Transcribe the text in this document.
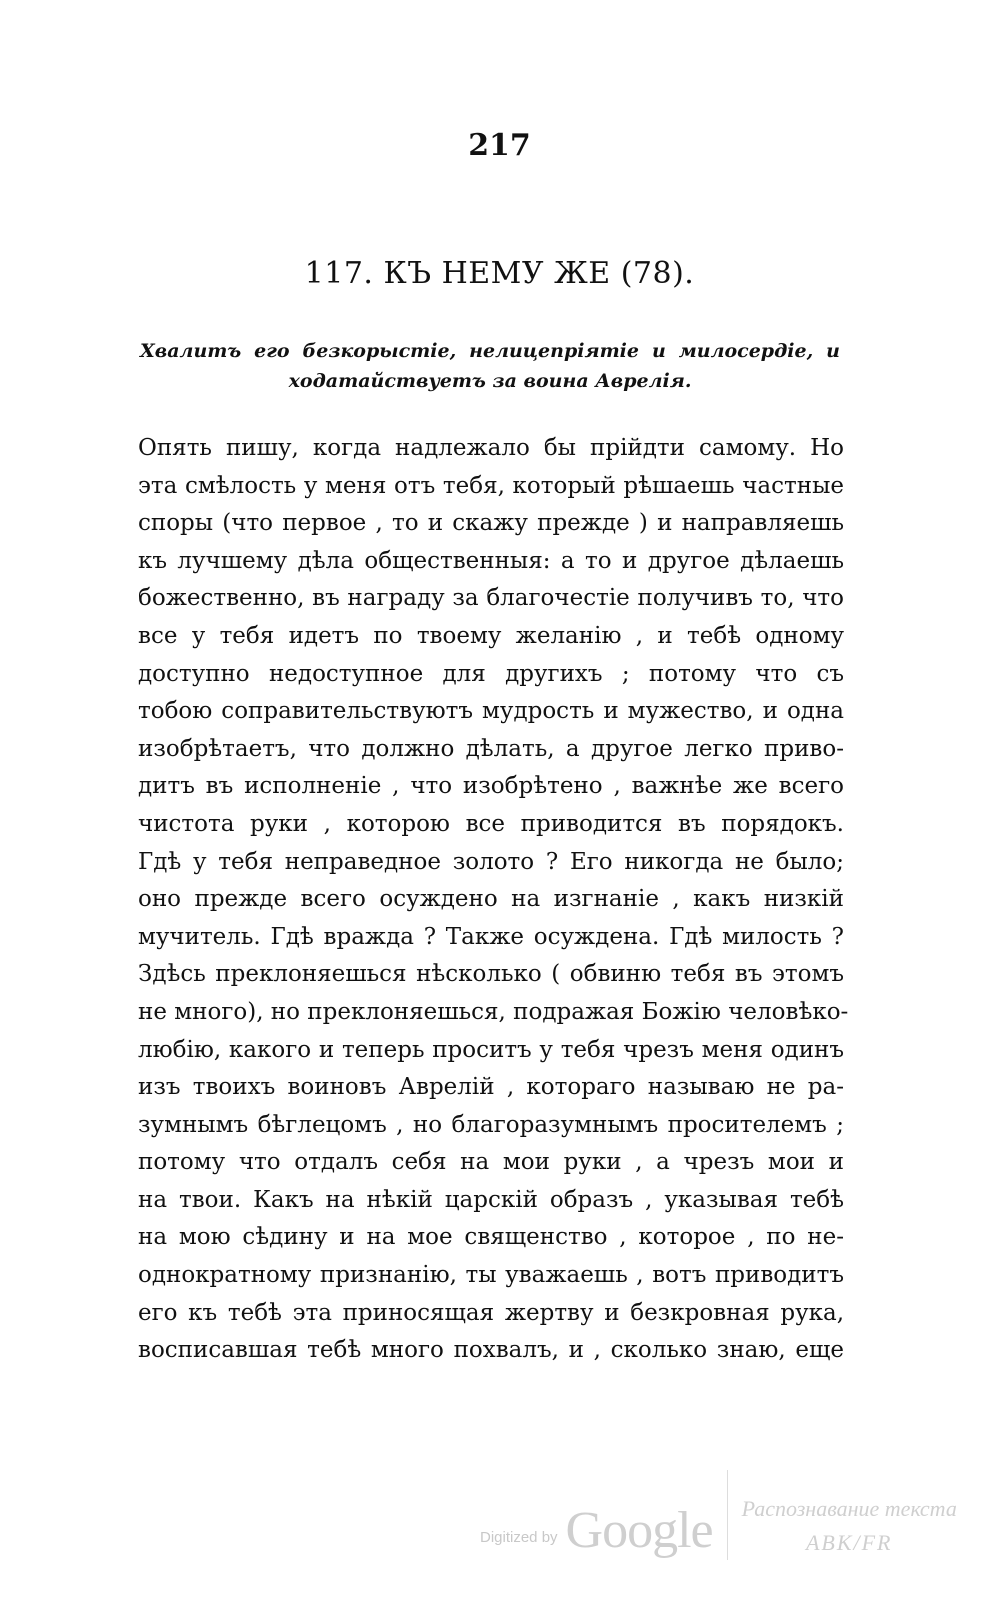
217
117. КЪ НЕМУ ЖЕ (78).
Хвалитъ его безкорыстіе, нелицепріятіе и милосердіе, и ходатайствуетъ за воина Аврелія.
Опять пишу, когда надлежало бы прійдти самому. Но
эта смѣлость у меня отъ тебя, который рѣшаешь частные
споры (что первое , то и скажу прежде ) и направляешь
къ лучшему дѣла общественныя: а то и другое дѣлаешь
божественно, въ награду за благочестіе получивъ то, что
все у тебя идетъ по твоему желанію , и тебѣ одному
доступно недоступное для другихъ ; потому что съ
тобою соправительствуютъ мудрость и мужество, и одна
изобрѣтаетъ, что должно дѣлать, а другое легко приво-
дитъ въ исполненіе , что изобрѣтено , важнѣе же всего
чистота руки , которою все приводится въ порядокъ.
Гдѣ у тебя неправедное золото ? Его никогда не было;
оно прежде всего осуждено на изгнаніе , какъ низкій
мучитель. Гдѣ вражда ? Также осуждена. Гдѣ милость ?
Здѣсь преклоняешься нѣсколько ( обвиню тебя въ этомъ
не много), но преклоняешься, подражая Божію человѣко-
любію, какого и теперь проситъ у тебя чрезъ меня одинъ
изъ твоихъ воиновъ Аврелій , котораго называю не ра-
зумнымъ бѣглецомъ , но благоразумнымъ просителемъ ;
потому что отдалъ себя на мои руки , а чрезъ мои и
на твои. Какъ на нѣкій царскій образъ , указывая тебѣ
на мою сѣдину и на мое священство , которое , по не-
однократному признанію, ты уважаешь , вотъ приводитъ
его къ тебѣ эта приносящая жертву и безкровная рука,
восписавшая тебѣ много похвалъ, и , сколько знаю, еще
Digitized by Google Распознавание текста
ABK/FR
